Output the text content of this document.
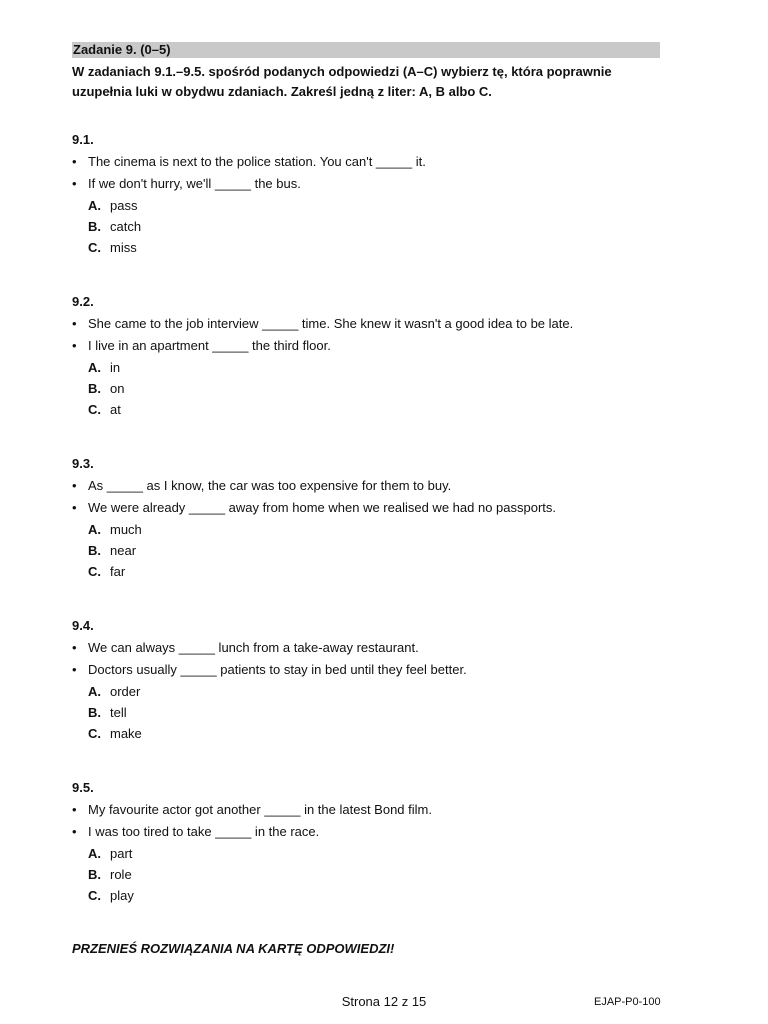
Zadanie 9. (0–5)
W zadaniach 9.1.–9.5. spośród podanych odpowiedzi (A–C) wybierz tę, która poprawnie uzupełnia luki w obydwu zdaniach. Zakreśl jedną z liter: A, B albo C.
9.1.
• The cinema is next to the police station. You can't _____ it.
• If we don't hurry, we'll _____ the bus.
A. pass
B. catch
C. miss
9.2.
• She came to the job interview _____ time. She knew it wasn't a good idea to be late.
• I live in an apartment _____ the third floor.
A. in
B. on
C. at
9.3.
• As _____ as I know, the car was too expensive for them to buy.
• We were already _____ away from home when we realised we had no passports.
A. much
B. near
C. far
9.4.
• We can always _____ lunch from a take-away restaurant.
• Doctors usually _____ patients to stay in bed until they feel better.
A. order
B. tell
C. make
9.5.
• My favourite actor got another _____ in the latest Bond film.
• I was too tired to take _____ in the race.
A. part
B. role
C. play
PRZENIEŚ ROZWIĄZANIA NA KARTĘ ODPOWIEDZI!
Strona 12 z 15	EJAP-P0-100
